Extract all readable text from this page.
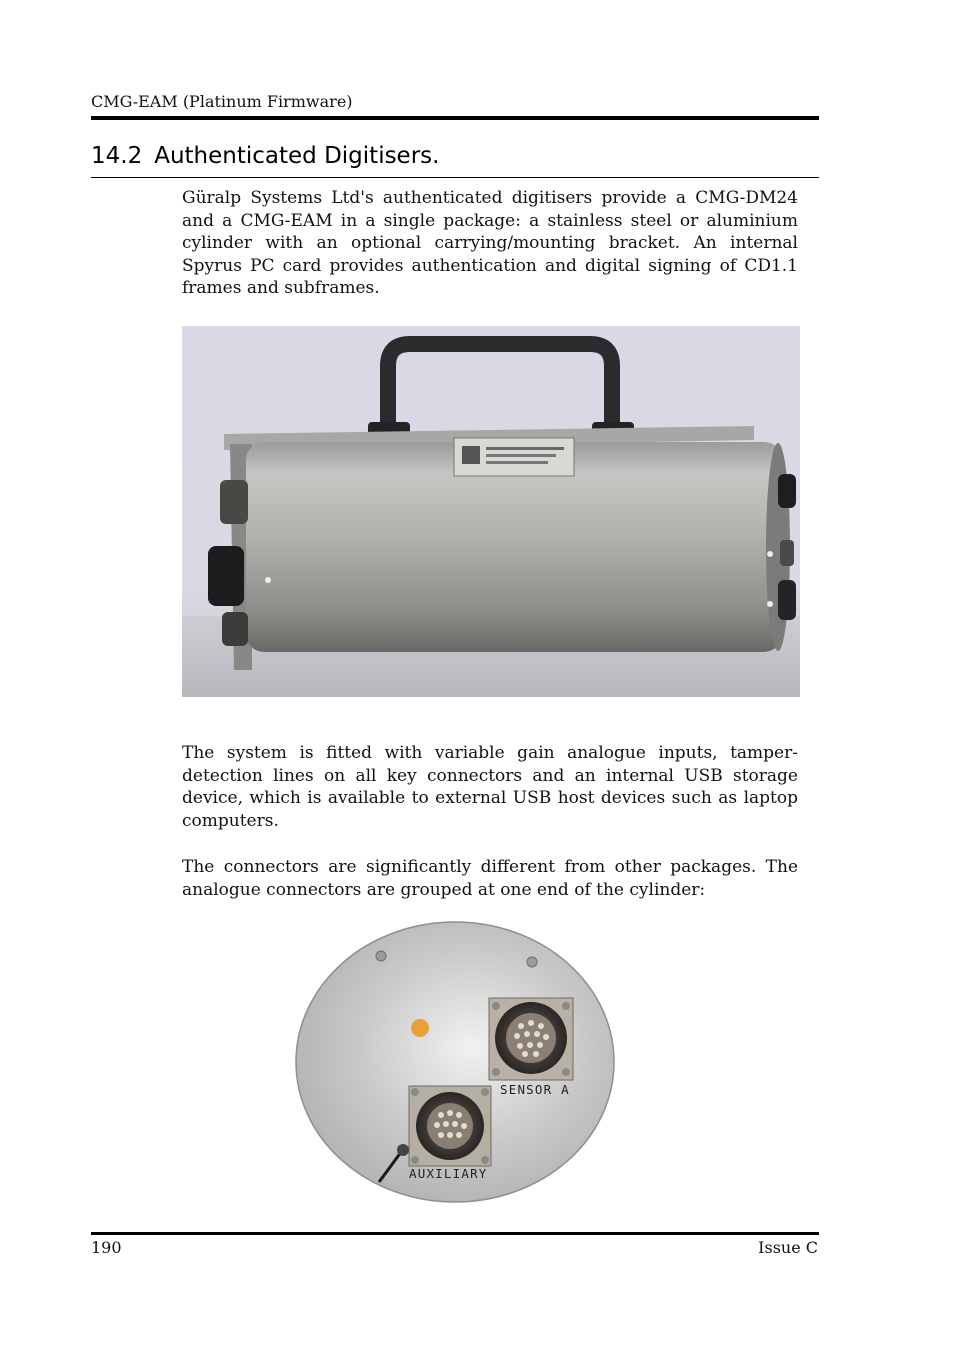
CMG-EAM (Platinum Firmware)
14.2 Authenticated Digitisers.

Güralp Systems Ltd's authenticated digitisers provide a CMG-DM24 and a CMG-EAM in a single package: a stainless steel or aluminium cylinder with an optional carrying/mounting bracket. An internal Spyrus PC card provides authentication and digital signing of CD1.1 frames and subframes.

The system is fitted with variable gain analogue inputs, tamper-detection lines on all key connectors and an internal USB storage device, which is available to external USB host devices such as laptop computers.

The connectors are significantly different from other packages. The analogue connectors are grouped at one end of the cylinder:

SENSOR A
AUXILIARY
190	Issue C
